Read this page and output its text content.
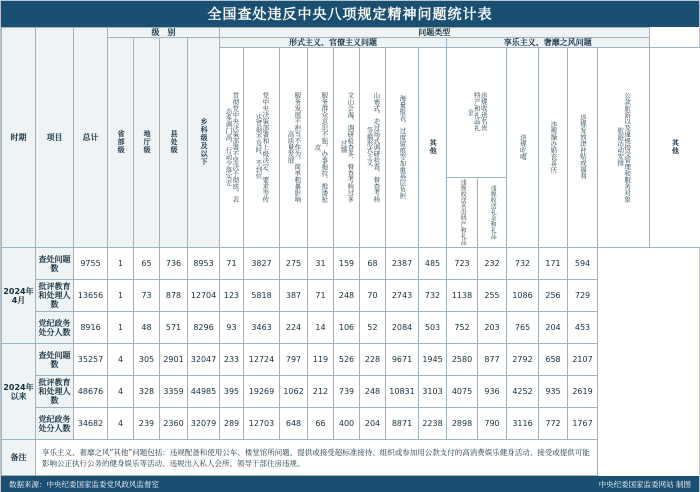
全国查处违反中央八项规定精神问题统计表
时期	项目	总计	级　别				问题类型														
			省部级	地厅级	县处级	乡科级及以下	形式主义、官僚主义问题								享乐主义、奢靡之风问题						
							贯彻党中央决策部署不坚决不彻底，表态多调门高、行动少落实差	党中央决策部署和上级决定、要求等传达贯彻不及时、不到位	服务发展不担当不作为，简单粗暴影响高质量发展	服务群众意识不强，办事拖拉、推诿扯皮	文山会海、调研检查多、督查考核过多过频	山寨式、走过场式调研检查、督查考核等搞形式主义	海量报表、过度留痕等加重基层负担	其他	违规收送名贵特产和礼品礼金		违规吃喝	违规操办婚丧喜庆	违规发放津补贴或福利	公款旅游以及違规接受管理和服务对象旅游活动安排	其他
															违规收送名贵特产和礼品	违规收送礼金和礼品					
2024年4月	查处问题数	9755	1	65	736	8953	71	3827	275	31	159	68	2387	485	723	232	732	171	594		
	批评教育和处理人数	13656	1	73	878	12704	123	5818	387	71	248	70	2743	732	1138	255	1086	256	729		
	党纪政务处分人数	8916	1	48	571	8296	93	3463	224	14	106	52	2084	503	752	203	765	204	453		
2024年以来	查处问题数	35257	4	305	2901	32047	233	12724	797	119	526	228	9671	1945	2580	877	2792	658	2107		
	批评教育和处理人数	48676	4	328	3359	44985	395	19269	1062	212	739	248	10831	3103	4075	936	4252	935	2619		
	党纪政务处分人数	34682	4	239	2360	32079	289	12703	648	66	400	204	8871	2238	2898	790	3116	772	1767		
备注	享乐主义、奢靡之风“其他”问题包括：违规配备和使用公车、楼堂馆所问题、提供或接受超标准接待、组织或参加用公款支付的高消费娱乐健身活动、接受或提供可能影响公正执行公务的健身娱乐等活动、违规出入私人会所、领导干部住房违规。																				
数据来源：中央纪委国家监委党风政风监督室	中央纪委国家监委网站 制图
